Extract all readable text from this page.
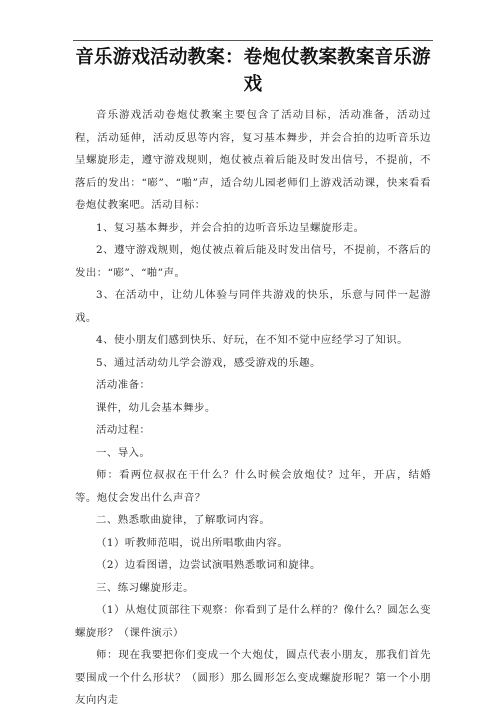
音乐游戏活动教案：卷炮仗教案教案音乐游戏

音乐游戏活动卷炮仗教案主要包含了活动目标，活动准备，活动过程，活动延伸，活动反思等内容，复习基本舞步，并会合拍的边听音乐边呈螺旋形走，遵守游戏规则，炮仗被点着后能及时发出信号，不提前，不落后的发出：“嘭”、“啪”声，适合幼儿园老师们上游戏活动课，快来看看卷炮仗教案吧。活动目标：

1、复习基本舞步，并会合拍的边听音乐边呈螺旋形走。

2、遵守游戏规则，炮仗被点着后能及时发出信号，不提前，不落后的发出：“嘭”、“啪”声。

3、在活动中，让幼儿体验与同伴共游戏的快乐，乐意与同伴一起游戏。

4、使小朋友们感到快乐、好玩，在不知不觉中应经学习了知识。

5、通过活动幼儿学会游戏，感受游戏的乐趣。

活动准备：

课件，幼儿会基本舞步。

活动过程：

一、导入。

师：看两位叔叔在干什么？什么时候会放炮仗？过年，开店，结婚等。炮仗会发出什么声音？

二、熟悉歌曲旋律，了解歌词内容。

（1）听教师范唱，说出所唱歌曲内容。

（2）边看图谱，边尝试演唱熟悉歌词和旋律。

三、练习螺旋形走。

（1）从炮仗顶部往下观察：你看到了是什么样的？像什么？圆怎么变螺旋形？（课件演示）

师：现在我要把你们变成一个大炮仗，圆点代表小朋友，那我们首先要围成一个什么形状？（圆形）那么圆形怎么变成螺旋形呢？第一个小朋友向内走
